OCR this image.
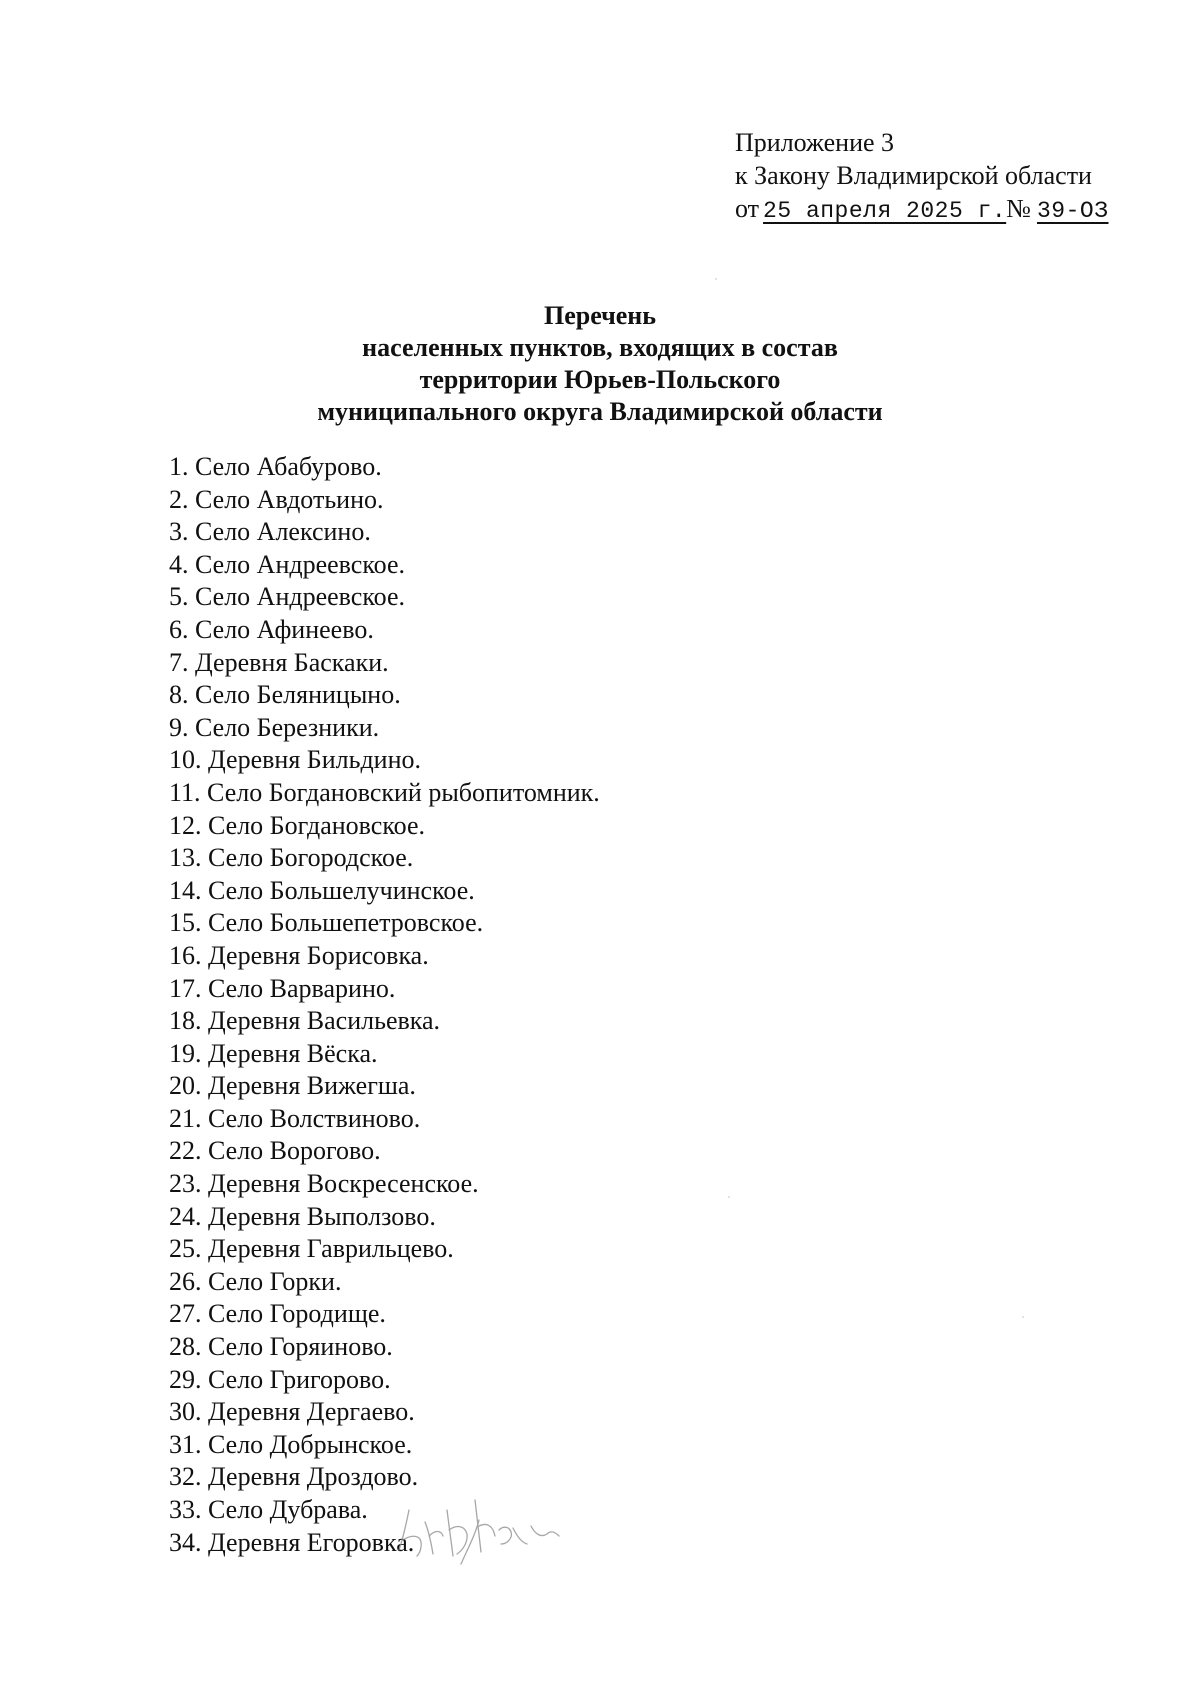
Приложение 3
к Закону Владимирской области
от 25 апреля 2025 г.№ 39-ОЗ
Перечень
населенных пунктов, входящих в состав
территории Юрьев-Польского
муниципального округа Владимирской области
1. Село Абабурово.
2. Село Авдотьино.
3. Село Алексино.
4. Село Андреевское.
5. Село Андреевское.
6. Село Афинеево.
7. Деревня Баскаки.
8. Село Беляницыно.
9. Село Березники.
10. Деревня Бильдино.
11. Село Богдановский рыбопитомник.
12. Село Богдановское.
13. Село Богородское.
14. Село Большелучинское.
15. Село Большепетровское.
16. Деревня Борисовка.
17. Село Варварино.
18. Деревня Васильевка.
19. Деревня Вёска.
20. Деревня Вижегша.
21. Село Волствиново.
22. Село Ворогово.
23. Деревня Воскресенское.
24. Деревня Выползово.
25. Деревня Гаврильцево.
26. Село Горки.
27. Село Городище.
28. Село Горяиново.
29. Село Григорово.
30. Деревня Дергаево.
31. Село Добрынское.
32. Деревня Дроздово.
33. Село Дубрава.
34. Деревня Егоровка.
